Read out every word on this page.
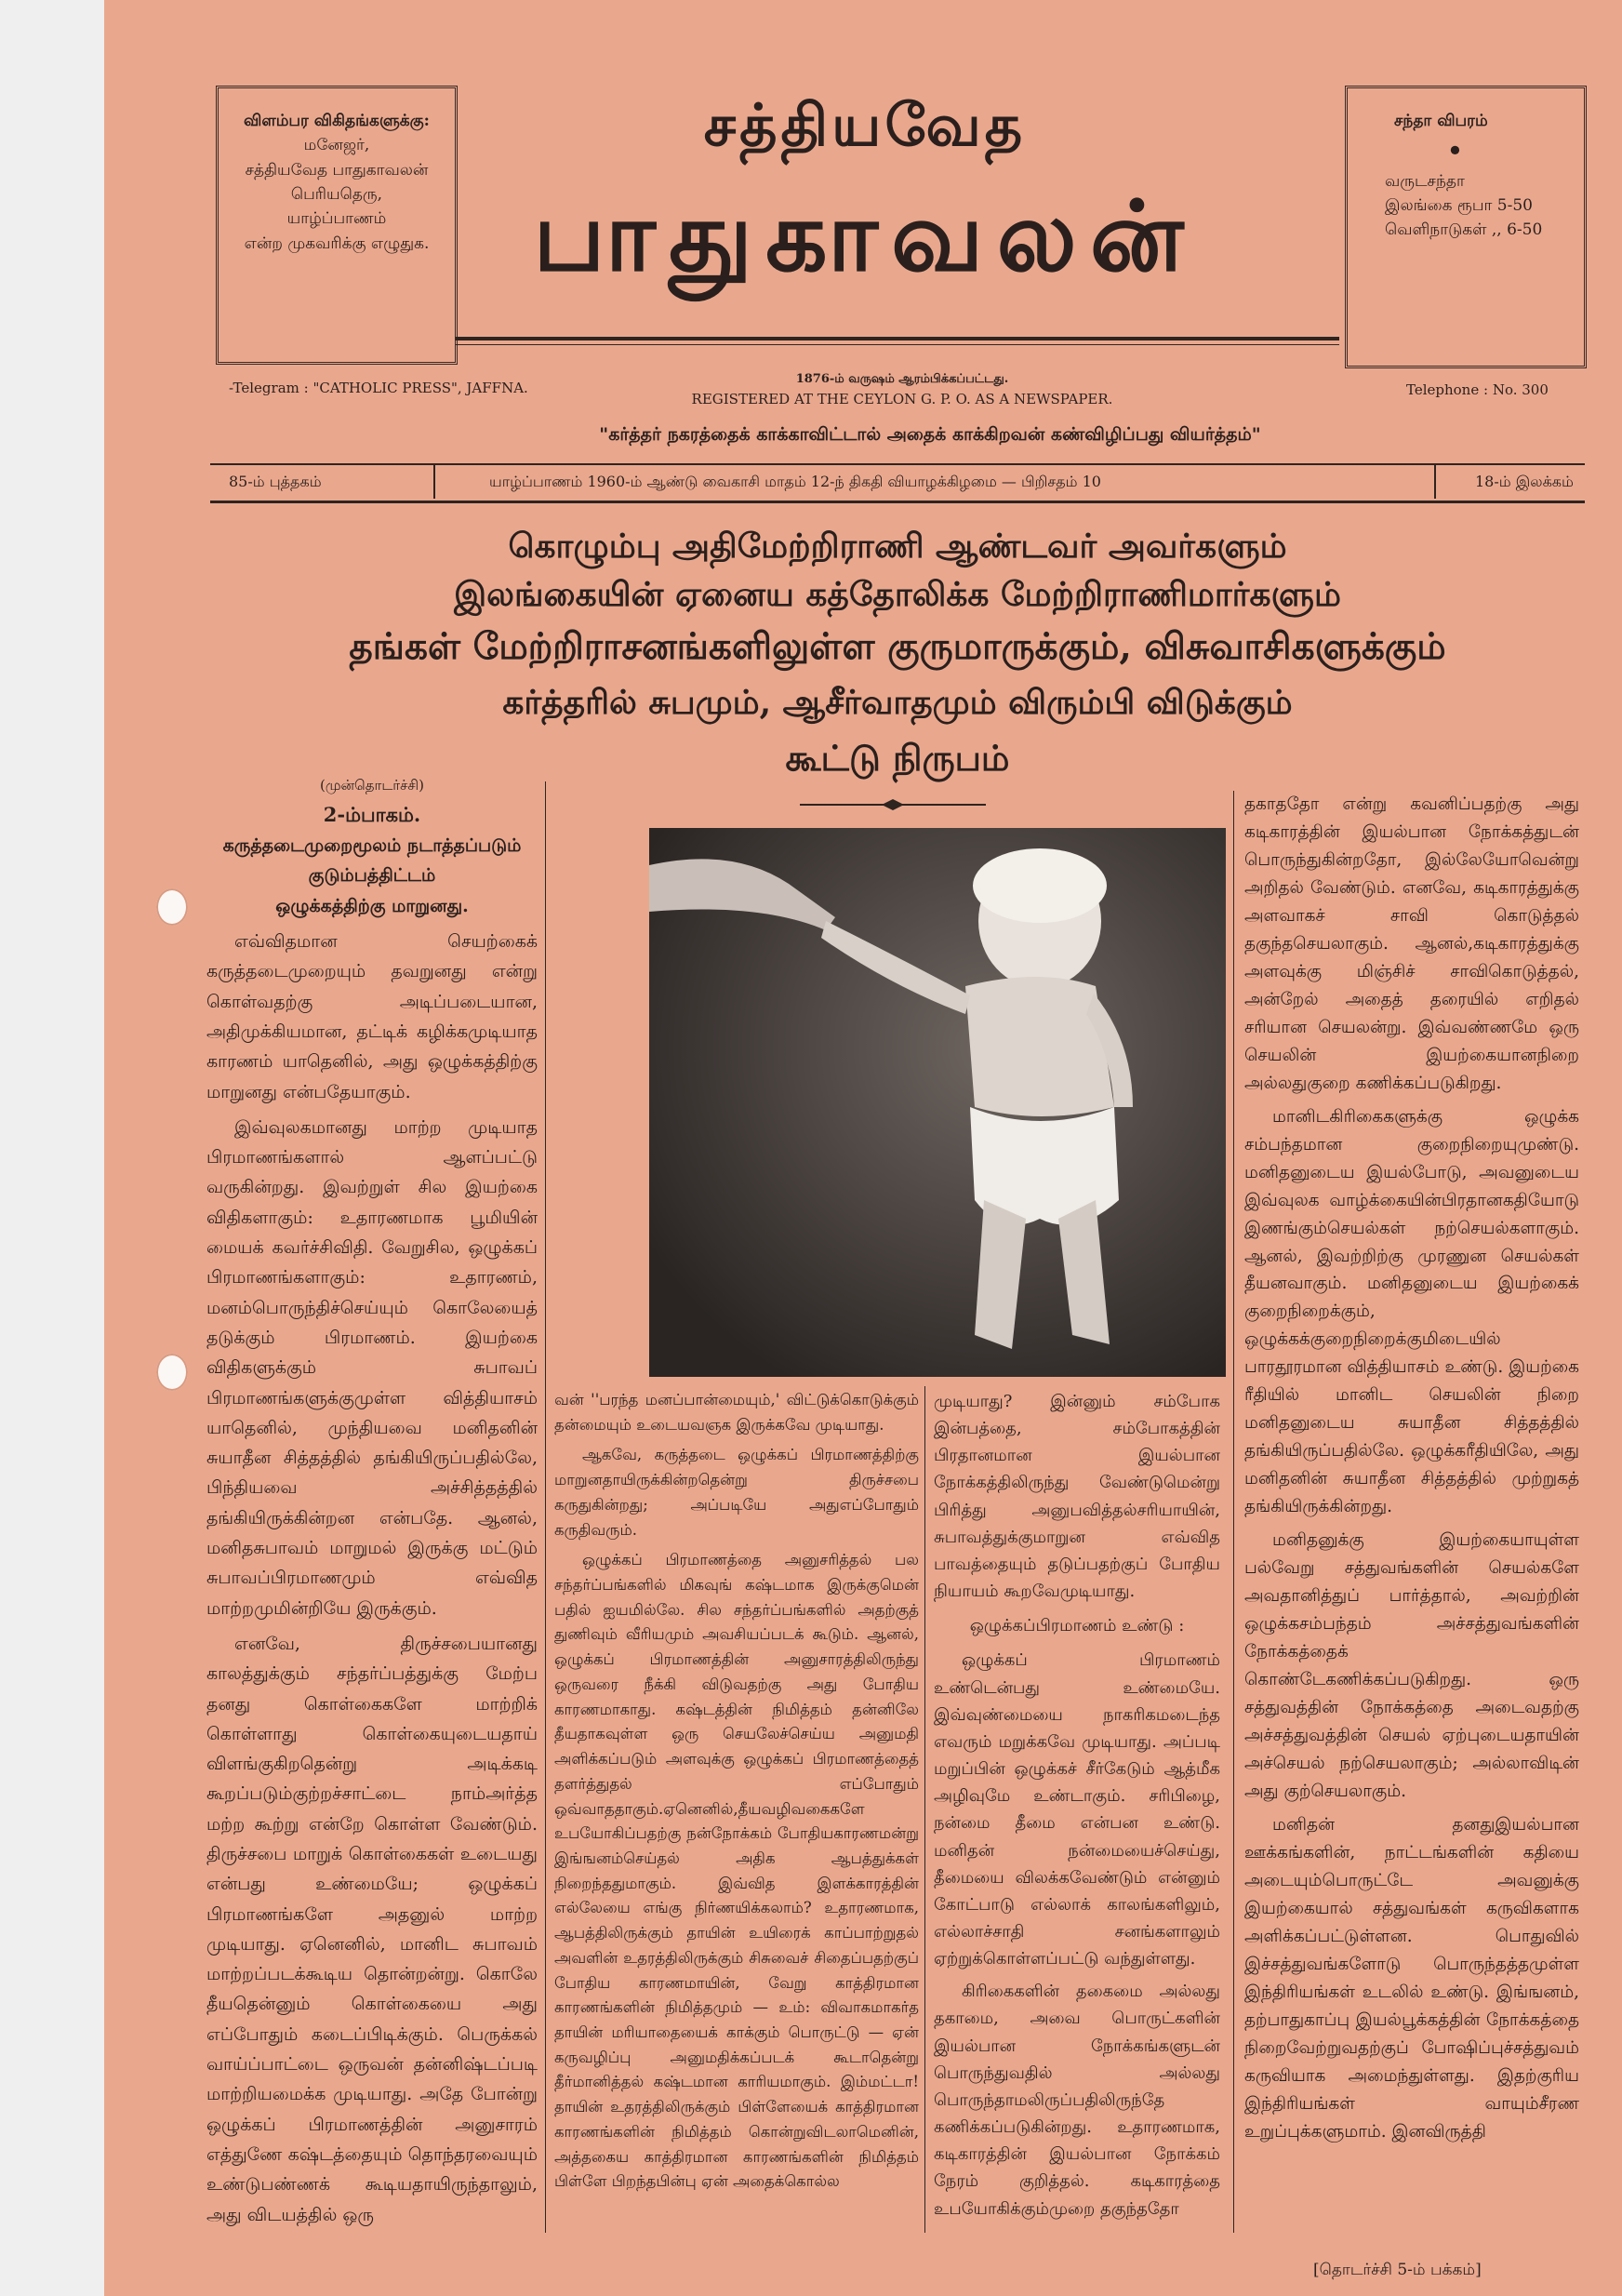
விளம்பர விகிதங்களுக்கு:
மனேஜர்,
சத்தியவேத பாதுகாவலன்
பெரியதெரு,
யாழ்ப்பாணம்
என்ற முகவரிக்கு எழுதுக.
சத்தியவேத
பாதுகாவலன்
சந்தா விபரம்
•
வருடசந்தா
இலங்கை ரூபா 5-50
வெளிநாடுகள் ,, 6-50
-Telegram : "CATHOLIC PRESS", JAFFNA.
1876-ம் வருஷம் ஆரம்பிக்கப்பட்டது.
REGISTERED AT THE CEYLON G. P. O. AS A NEWSPAPER.
Telephone : No. 300
"கர்த்தர் நகரத்தைக் காக்காவிட்டால் அதைக் காக்கிறவன் கண்விழிப்பது வியர்த்தம்"
85-ம் புத்தகம்	யாழ்ப்பாணம் 1960-ம் ஆண்டு வைகாசி மாதம் 12-ந் திகதி வியாழக்கிழமை — பிறிசதம் 10	18-ம் இலக்கம்
கொழும்பு அதிமேற்றிராணி ஆண்டவர் அவர்களும்
இலங்கையின் ஏனைய கத்தோலிக்க மேற்றிராணிமார்களும்
தங்கள் மேற்றிராசனங்களிலுள்ள குருமாருக்கும், விசுவாசிகளுக்கும்
கர்த்தரில் சுபமும், ஆசீர்வாதமும் விரும்பி விடுக்கும்
கூட்டு நிருபம்

(முன்தொடர்ச்சி)

2-ம்பாகம்.

கருத்தடைமுறைமூலம் நடாத்தப்படும்

குடும்பத்திட்டம்

ஒழுக்கத்திற்கு மாறுனது.

எவ்விதமான செயற்கைக் கருத்தடைமுறையும் தவறுனது என்று கொள்வதற்கு அடிப்படையான, அதிமுக்கியமான, தட்டிக் கழிக்கமுடியாத காரணம் யாதெனில், அது ஒழுக்கத்திற்கு மாறுனது என்பதேயாகும்.

இவ்வுலகமானது மாற்ற முடியாத பிரமாணங்களால் ஆளப்பட்டு வருகின்றது. இவற்றுள் சில இயற்கை விதிகளாகும்: உதாரணமாக பூமியின் மையக் கவர்ச்சிவிதி. வேறுசில, ஒழுக்கப் பிரமாணங்களாகும்: உதாரணம், மனம்பொருந்திச்செய்யும் கொலேயைத் தடுக்கும் பிரமாணம். இயற்கை விதிகளுக்கும் சுபாவப் பிரமாணங்களுக்குமுள்ள வித்தியாசம் யாதெனில், முந்தியவை மனிதனின் சுயாதீன சித்தத்தில் தங்கியிருப்பதில்லே, பிந்தியவை அச்சித்தத்தில் தங்கியிருக்கின்றன என்பதே. ஆனல், மனிதசுபாவம் மாறுமல் இருக்கு மட்டும் சுபாவப்பிரமாணமும் எவ்வித மாற்றமுமின்றியே இருக்கும்.

எனவே, திருச்சபையானது காலத்துக்கும் சந்தர்ப்பத்துக்கு மேற்ப தனது கொள்கைகளே மாற்றிக் கொள்ளாது கொள்கையுடையதாய் விளங்குகிறதென்று அடிக்கடி கூறப்படும்குற்றச்சாட்டை நாம்அர்த்த மற்ற கூற்று என்றே கொள்ள வேண்டும். திருச்சபை மாறுக் கொள்கைகள் உடையது என்பது உண்மையே; ஒழுக்கப் பிரமாணங்களே அதனுல் மாற்ற முடியாது. ஏனெனில், மானிட சுபாவம் மாற்றப்படக்கூடிய தொன்றன்று. கொலே தீயதென்னும் கொள்கையை அது எப்போதும் கடைப்பிடிக்கும். பெருக்கல் வாய்ப்பாட்டை ஒருவன் தன்னிஷ்டப்படி மாற்றியமைக்க முடியாது. அதே போன்று ஒழுக்கப் பிரமாணத்தின் அனுசாரம் எத்துணே கஷ்டத்தையும் தொந்தரவையும் உண்டுபண்ணக் கூடியதாயிருந்தாலும், அது விடயத்தில் ஒரு

வன் ''பரந்த மனப்பான்மையும்,' விட்டுக்கொடுக்கும் தன்மையும் உடையவஞக இருக்கவே முடியாது.

ஆகவே, கருத்தடை ஒழுக்கப் பிரமாணத்திற்கு மாறுனதாயிருக்கின்றதென்று திருச்சபை கருதுகின்றது; அப்படியே அதுஎப்போதும் கருதிவரும்.

ஒழுக்கப் பிரமாணத்தை அனுசரித்தல் பல சந்தர்ப்பங்களில் மிகவுங் கஷ்டமாக இருக்குமென் பதில் ஐயமில்லே. சில சந்தர்ப்பங்களில் அதற்குத் துணிவும் வீரியமும் அவசியப்படக் கூடும். ஆனல், ஒழுக்கப் பிரமாணத்தின் அனுசாரத்திலிருந்து ஒருவரை நீக்கி விடுவதற்கு அது போதிய காரணமாகாது. கஷ்டத்தின் நிமித்தம் தன்னிலே தீயதாகவுள்ள ஒரு செயலேச்செய்ய அனுமதி அளிக்கப்படும் அளவுக்கு ஒழுக்கப் பிரமாணத்தைத் தளர்த்துதல் எப்போதும் ஒவ்வாததாகும்.ஏனெனில்,தீயவழிவகைகளே உபயோகிப்பதற்கு நன்நோக்கம் போதியகாரணமன்று இங்ஙனம்செய்தல் அதிக ஆபத்துக்கள் நிறைந்ததுமாகும். இவ்வித இளக்காரத்தின் எல்லேயை எங்கு நிர்ணயிக்கலாம்? உதாரணமாக, ஆபத்திலிருக்கும் தாயின் உயிரைக் காப்பாற்றுதல் அவளின் உதரத்திலிருக்கும் சிசுவைச் சிதைப்பதற்குப் போதிய காரணமாயின், வேறு காத்திரமான காரணங்களின் நிமித்தமும் — உம்: விவாகமாகர்த தாயின் மரியாதையைக் காக்கும் பொருட்டு — ஏன் கருவழிப்பு அனுமதிக்கப்படக் கூடாதென்று தீர்மானித்தல் கஷ்டமான காரியமாகும். இம்மட்டா! தாயின் உதரத்திலிருக்கும் பிள்ளேயைக் காத்திரமான காரணங்களின் நிமித்தம் கொன்றுவிடலாமெனின், அத்தகைய காத்திரமான காரணங்களின் நிமித்தம் பிள்ளே பிறந்தபின்பு ஏன் அதைக்கொல்ல

முடியாது? இன்னும் சம்போக இன்பத்தை, சம்போகத்தின் பிரதானமான இயல்பான நோக்கத்திலிருந்து வேண்டுமென்று பிரித்து அனுபவித்தல்சரியாயின், சுபாவத்துக்குமாறுன எவ்வித பாவத்தையும் தடுப்பதற்குப் போதிய நியாயம் கூறவேமுடியாது.

ஒழுக்கப்பிரமாணம் உண்டு :

ஒழுக்கப் பிரமாணம் உண்டென்பது உண்மையே. இவ்வுண்மையை நாகரிகமடைந்த எவரும் மறுக்கவே முடியாது. அப்படி மறுப்பின் ஒழுக்கச் சீர்கேடும் ஆத்மீக அழிவுமே உண்டாகும். சரிபிழை, நன்மை தீமை என்பன உண்டு. மனிதன் நன்மையைச்செய்து, தீமையை விலக்கவேண்டும் என்னும் கோட்பாடு எல்லாக் காலங்களிலும், எல்லாச்சாதி சனங்களாலும் ஏற்றுக்கொள்ளப்பட்டு வந்துள்ளது.

கிரிகைகளின் தகைமை அல்லது தகாமை, அவை பொருட்களின் இயல்பான நோக்கங்களுடன் பொருந்துவதில் அல்லது பொருந்தாமலிருப்பதிலிருந்தே கணிக்கப்படுகின்றது. உதாரணமாக, கடிகாரத்தின் இயல்பான நோக்கம் நேரம் குறித்தல். கடிகாரத்தை உபயோகிக்கும்முறை தகுந்ததோ

தகாததோ என்று கவனிப்பதற்கு அது கடிகாரத்தின் இயல்பான நோக்கத்துடன் பொருந்துகின்றதோ, இல்லேயோவென்று அறிதல் வேண்டும். எனவே, கடிகாரத்துக்கு அளவாகச் சாவி கொடுத்தல் தகுந்தசெயலாகும். ஆனல்,கடிகாரத்துக்கு அளவுக்கு மிஞ்சிச் சாவிகொடுத்தல், அன்றேல் அதைத் தரையில் எறிதல் சரியான செயலன்று. இவ்வண்ணமே ஒரு செயலின் இயற்கையானநிறை அல்லதுகுறை கணிக்கப்படுகிறது.

மானிடகிரிகைகளுக்கு ஒழுக்க சம்பந்தமான குறைநிறையுமுண்டு. மனிதனுடைய இயல்போடு, அவனுடைய இவ்வுலக வாழ்க்கையின்பிரதானகதியோடு இணங்கும்செயல்கள் நற்செயல்களாகும். ஆனல், இவற்றிற்கு முரணுன செயல்கள் தீயனவாகும். மனிதனுடைய இயற்கைக் குறைநிறைக்கும், ஒழுக்கக்குறைநிறைக்குமிடையில் பாரதூரமான வித்தியாசம் உண்டு. இயற்கை ரீதியில் மானிட செயலின் நிறை மனிதனுடைய சுயாதீன சித்தத்தில் தங்கியிருப்பதில்லே. ஒழுக்கரீதியிலே, அது மனிதனின் சுயாதீன சித்தத்தில் முற்றுகத் தங்கியிருக்கின்றது.

மனிதனுக்கு இயற்கையாயுள்ள பல்வேறு சத்துவங்களின் செயல்களே அவதானித்துப் பார்த்தால், அவற்றின் ஒழுக்கசம்பந்தம் அச்சத்துவங்களின் நோக்கத்தைக் கொண்டேகணிக்கப்படுகிறது. ஒரு சத்துவத்தின் நோக்கத்தை அடைவதற்கு அச்சத்துவத்தின் செயல் ஏற்புடையதாயின் அச்செயல் நற்செயலாகும்; அல்லாவிடின் அது குற்செயலாகும்.

மனிதன் தனதுஇயல்பான ஊக்கங்களின், நாட்டங்களின் கதியை அடையும்பொருட்டே அவனுக்கு இயற்கையால் சத்துவங்கள் கருவிகளாக அளிக்கப்பட்டுள்ளன. பொதுவில் இச்சத்துவங்களோடு பொருந்தத்தமுள்ள இந்திரியங்கள் உடலில் உண்டு. இங்ஙனம், தற்பாதுகாப்பு இயல்பூக்கத்தின் நோக்கத்தை நிறைவேற்றுவதற்குப் போஷிப்புச்சத்துவம் கருவியாக அமைந்துள்ளது. இதற்குரிய இந்திரியங்கள் வாயும்சீரண உறுப்புக்களுமாம். இனவிருத்தி

[தொடர்ச்சி 5-ம் பக்கம்]
